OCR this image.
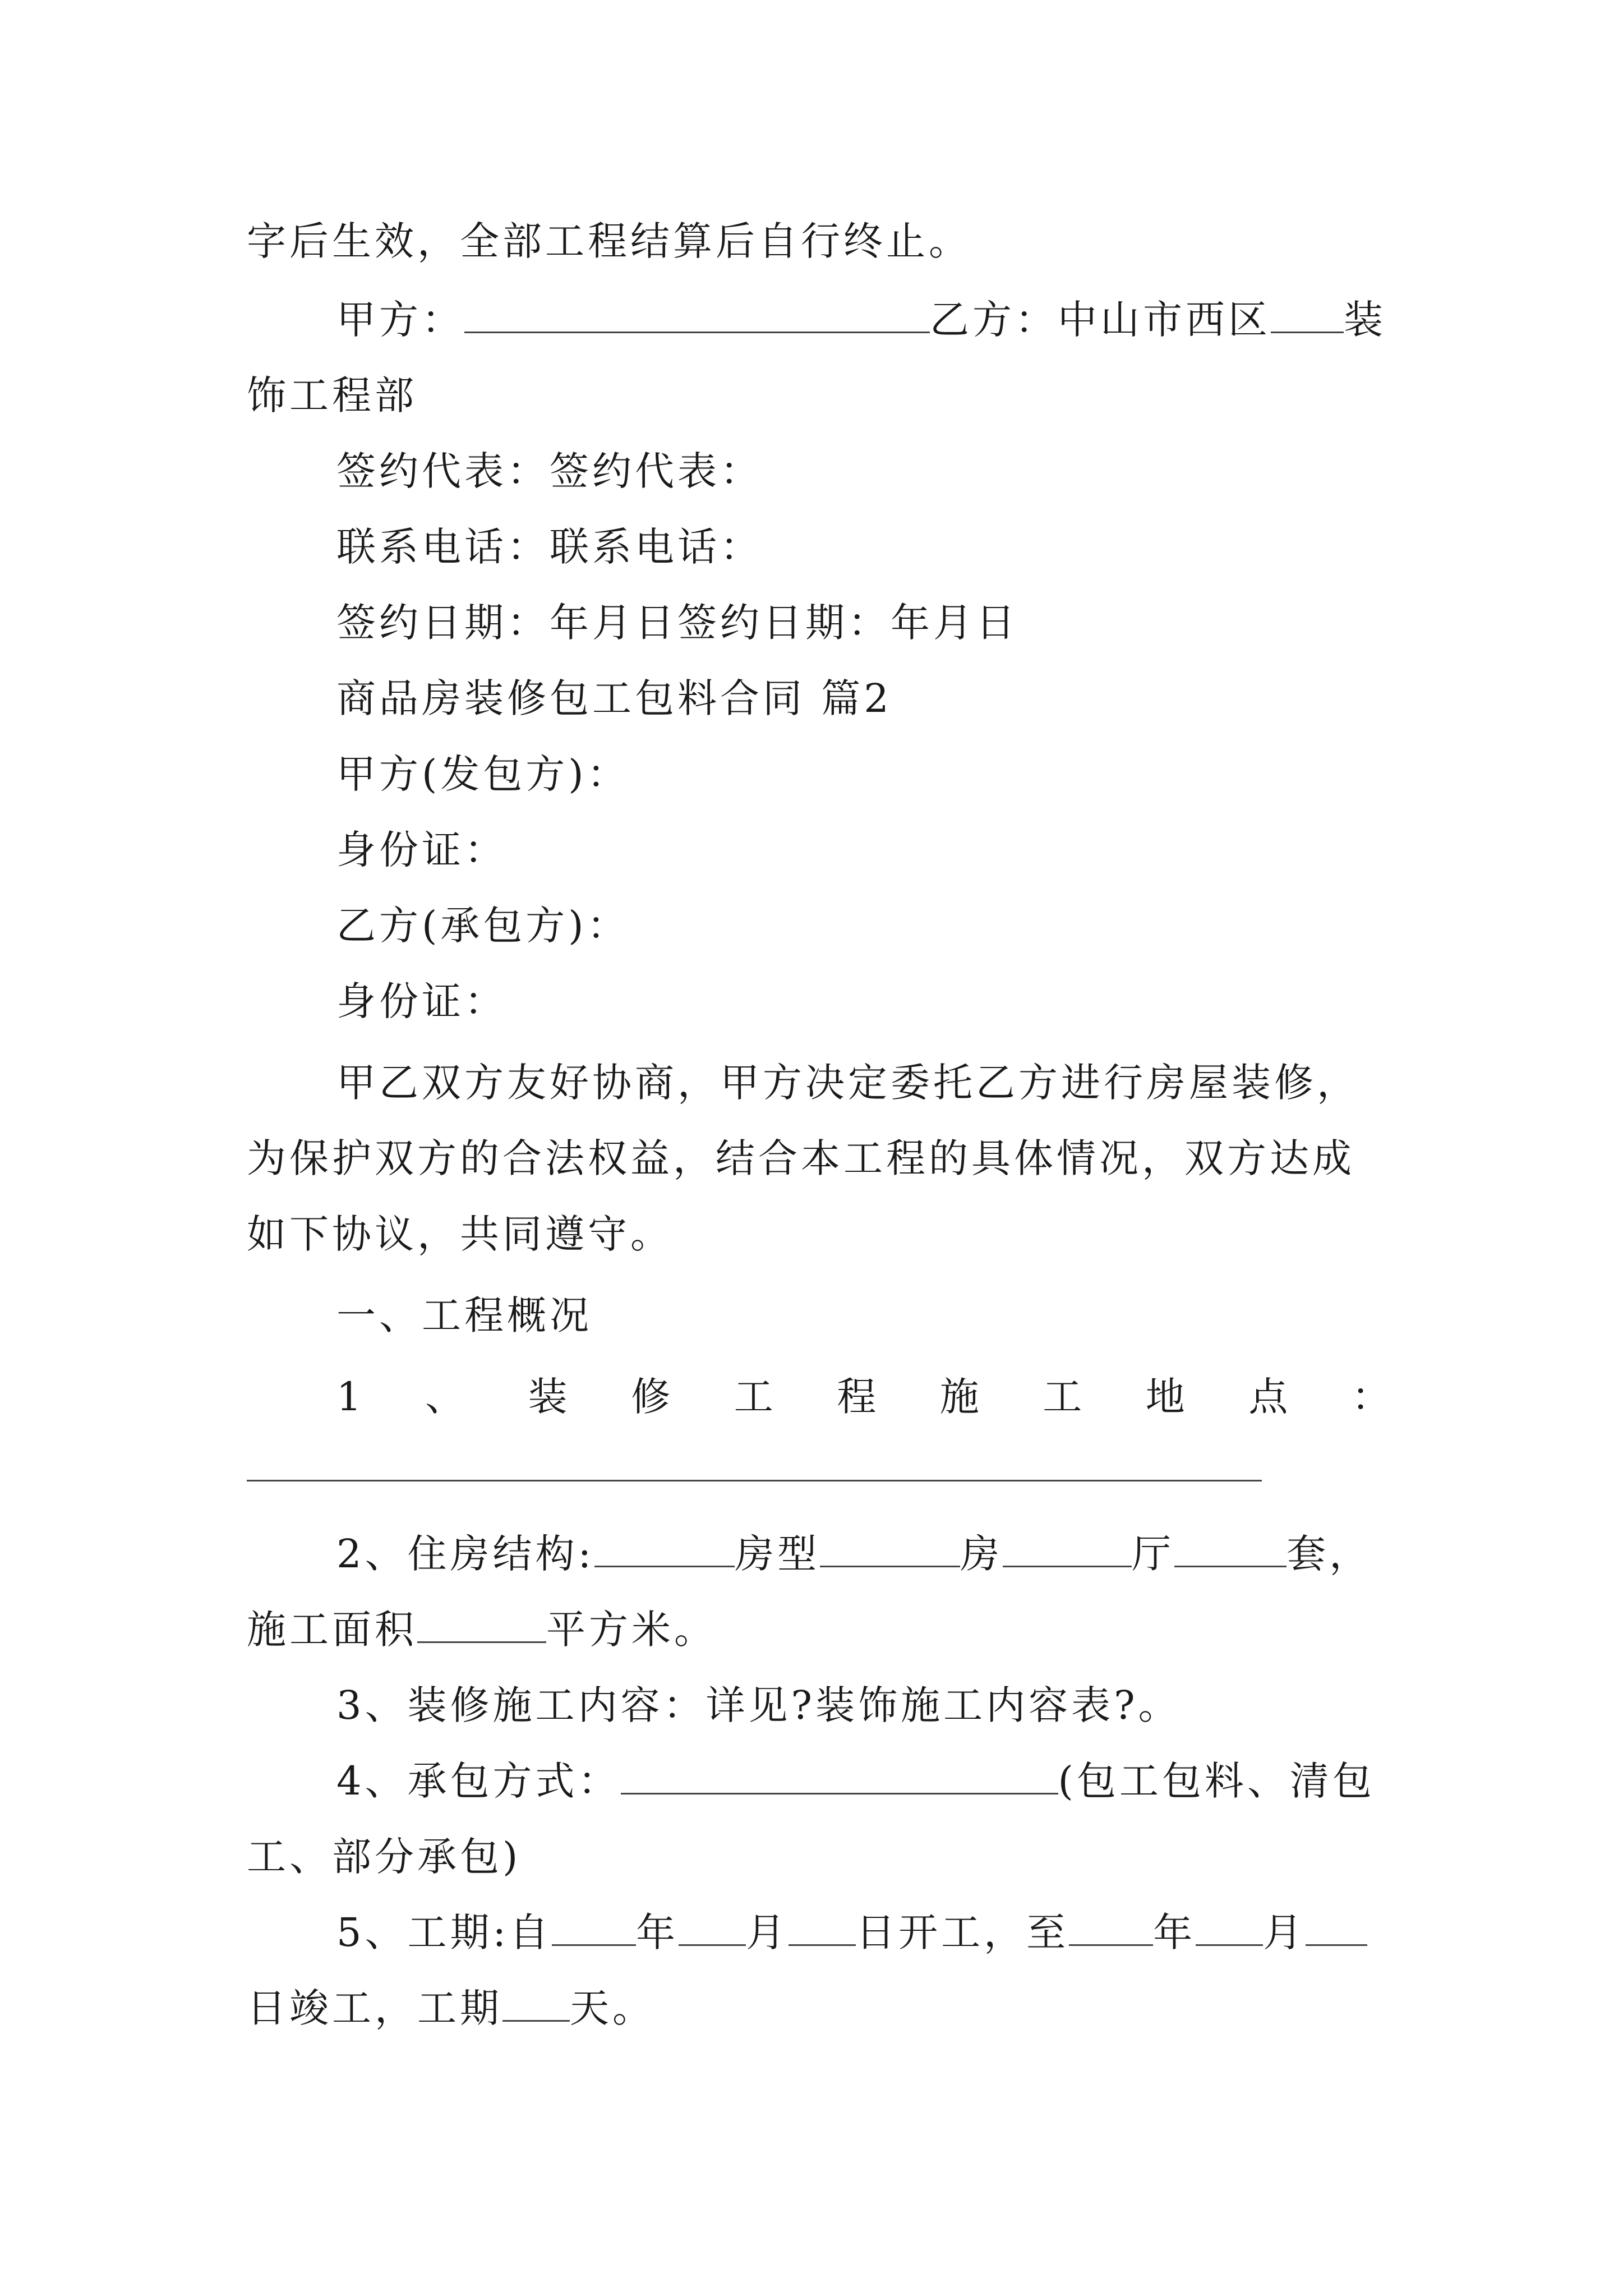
字后生效，全部工程结算后自行终止。
甲方：	乙方：中山市西区 装
饰工程部
签约代表：签约代表：
联系电话：联系电话：
签约日期：年月日签约日期：年月日
商品房装修包工包料合同 篇2
甲方(发包方)：
身份证：
乙方(承包方)：
身份证：
甲乙双方友好协商，甲方决定委托乙方进行房屋装修，
为保护双方的合法权益，结合本工程的具体情况，双方达成
如下协议，共同遵守。
一、工程概况
1 、 装 修 工 程 施 工 地 点 ：
2、住房结构:	房型	房	厅	套，
施工面积	平方米。
3、装修施工内容：详见?装饰施工内容表?。
4、承包方式：	(包工包料、清包
工、部分承包)
5、工期:自 年 月 日开工，至 年 月
日竣工，工期 天。
